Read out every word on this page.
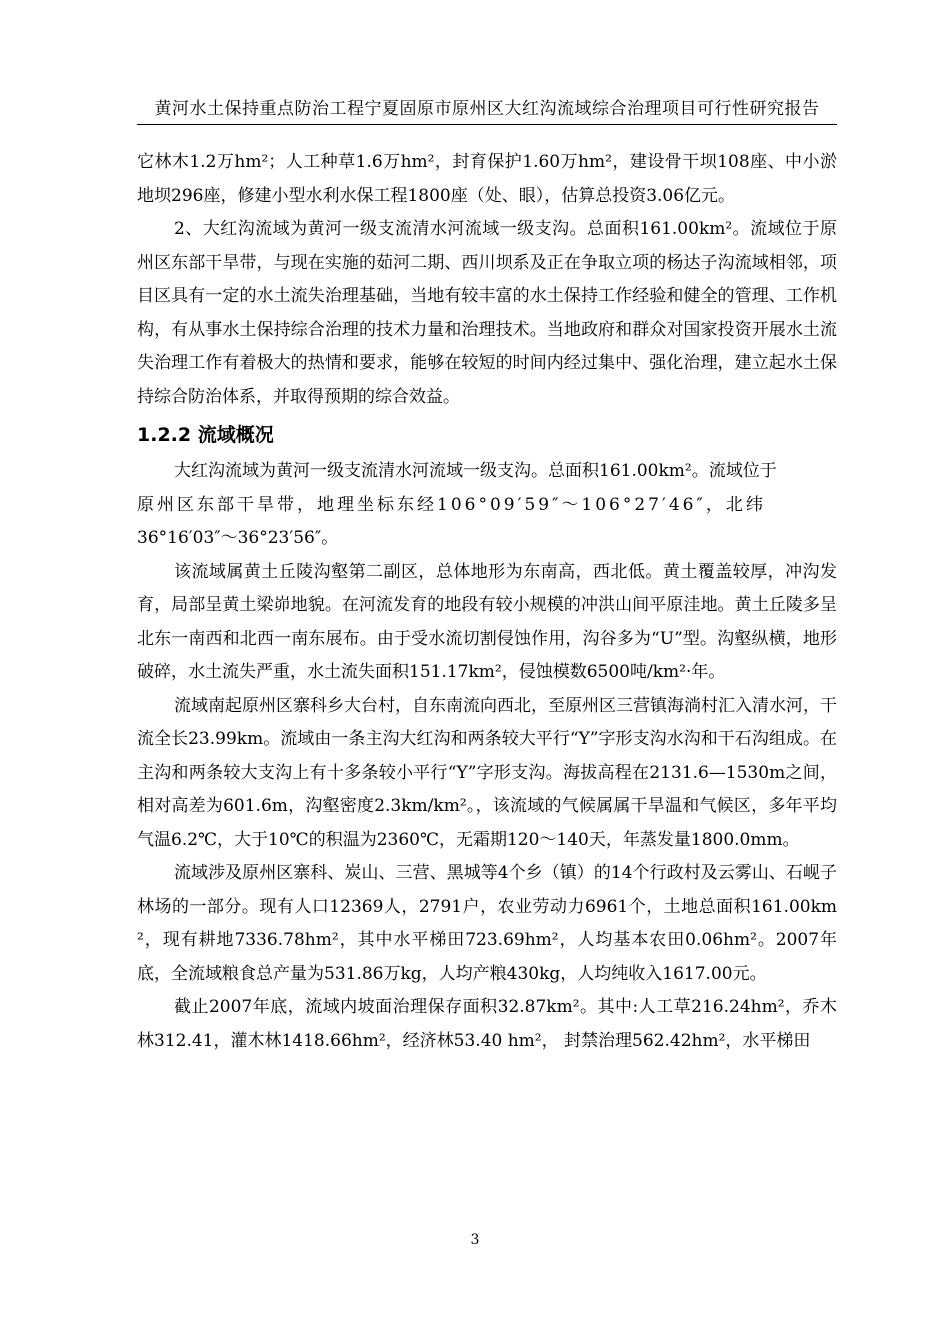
黄河水土保持重点防治工程宁夏固原市原州区大红沟流域综合治理项目可行性研究报告

它林木1.2万hm²；人工种草1.6万hm²，封育保护1.60万hm²，建设骨干坝108座、中小淤地坝296座，修建小型水利水保工程1800座（处、眼），估算总投资3.06亿元。

2、大红沟流域为黄河一级支流清水河流域一级支沟。总面积161.00km²。流域位于原州区东部干旱带，与现在实施的茹河二期、西川坝系及正在争取立项的杨达子沟流域相邻，项目区具有一定的水土流失治理基础，当地有较丰富的水土保持工作经验和健全的管理、工作机构，有从事水土保持综合治理的技术力量和治理技术。当地政府和群众对国家投资开展水土流失治理工作有着极大的热情和要求，能够在较短的时间内经过集中、强化治理，建立起水土保持综合防治体系，并取得预期的综合效益。

1.2.2 流域概况

大红沟流域为黄河一级支流清水河流域一级支沟。总面积161.00km²。流域位于

原州区东部干旱带，地理坐标东经106°09′59″～106°27′46″，北纬

36°16′03″～36°23′56″。

该流域属黄土丘陵沟壑第二副区，总体地形为东南高，西北低。黄土覆盖较厚，冲沟发育，局部呈黄土梁峁地貌。在河流发育的地段有较小规模的冲洪山间平原洼地。黄土丘陵多呈北东一南西和北西一南东展布。由于受水流切割侵蚀作用，沟谷多为“U”型。沟壑纵横，地形破碎，水土流失严重，水土流失面积151.17km²，侵蚀模数6500吨/km²·年。

流域南起原州区寨科乡大台村，自东南流向西北，至原州区三营镇海淌村汇入清水河，干流全长23.99km。流域由一条主沟大红沟和两条较大平行“Y”字形支沟水沟和干石沟组成。在主沟和两条较大支沟上有十多条较小平行“Y”字形支沟。海拔高程在2131.6—1530m之间，相对高差为601.6m，沟壑密度2.3km/km²。，该流域的气候属属干旱温和气候区，多年平均气温6.2℃，大于10℃的积温为2360℃，无霜期120～140天，年蒸发量1800.0mm。

流域涉及原州区寨科、炭山、三营、黑城等4个乡（镇）的14个行政村及云雾山、石岘子林场的一部分。现有人口12369人，2791户，农业劳动力6961个，土地总面积161.00km²，现有耕地7336.78hm²，其中水平梯田723.69hm²，人均基本农田0.06hm²。2007年底，全流域粮食总产量为531.86万kg，人均产粮430kg，人均纯收入1617.00元。

截止2007年底，流域内坡面治理保存面积32.87km²。其中:人工草216.24hm²，乔木林312.41，灌木林1418.66hm²，经济林53.40 hm²， 封禁治理562.42hm²，水平梯田

3
